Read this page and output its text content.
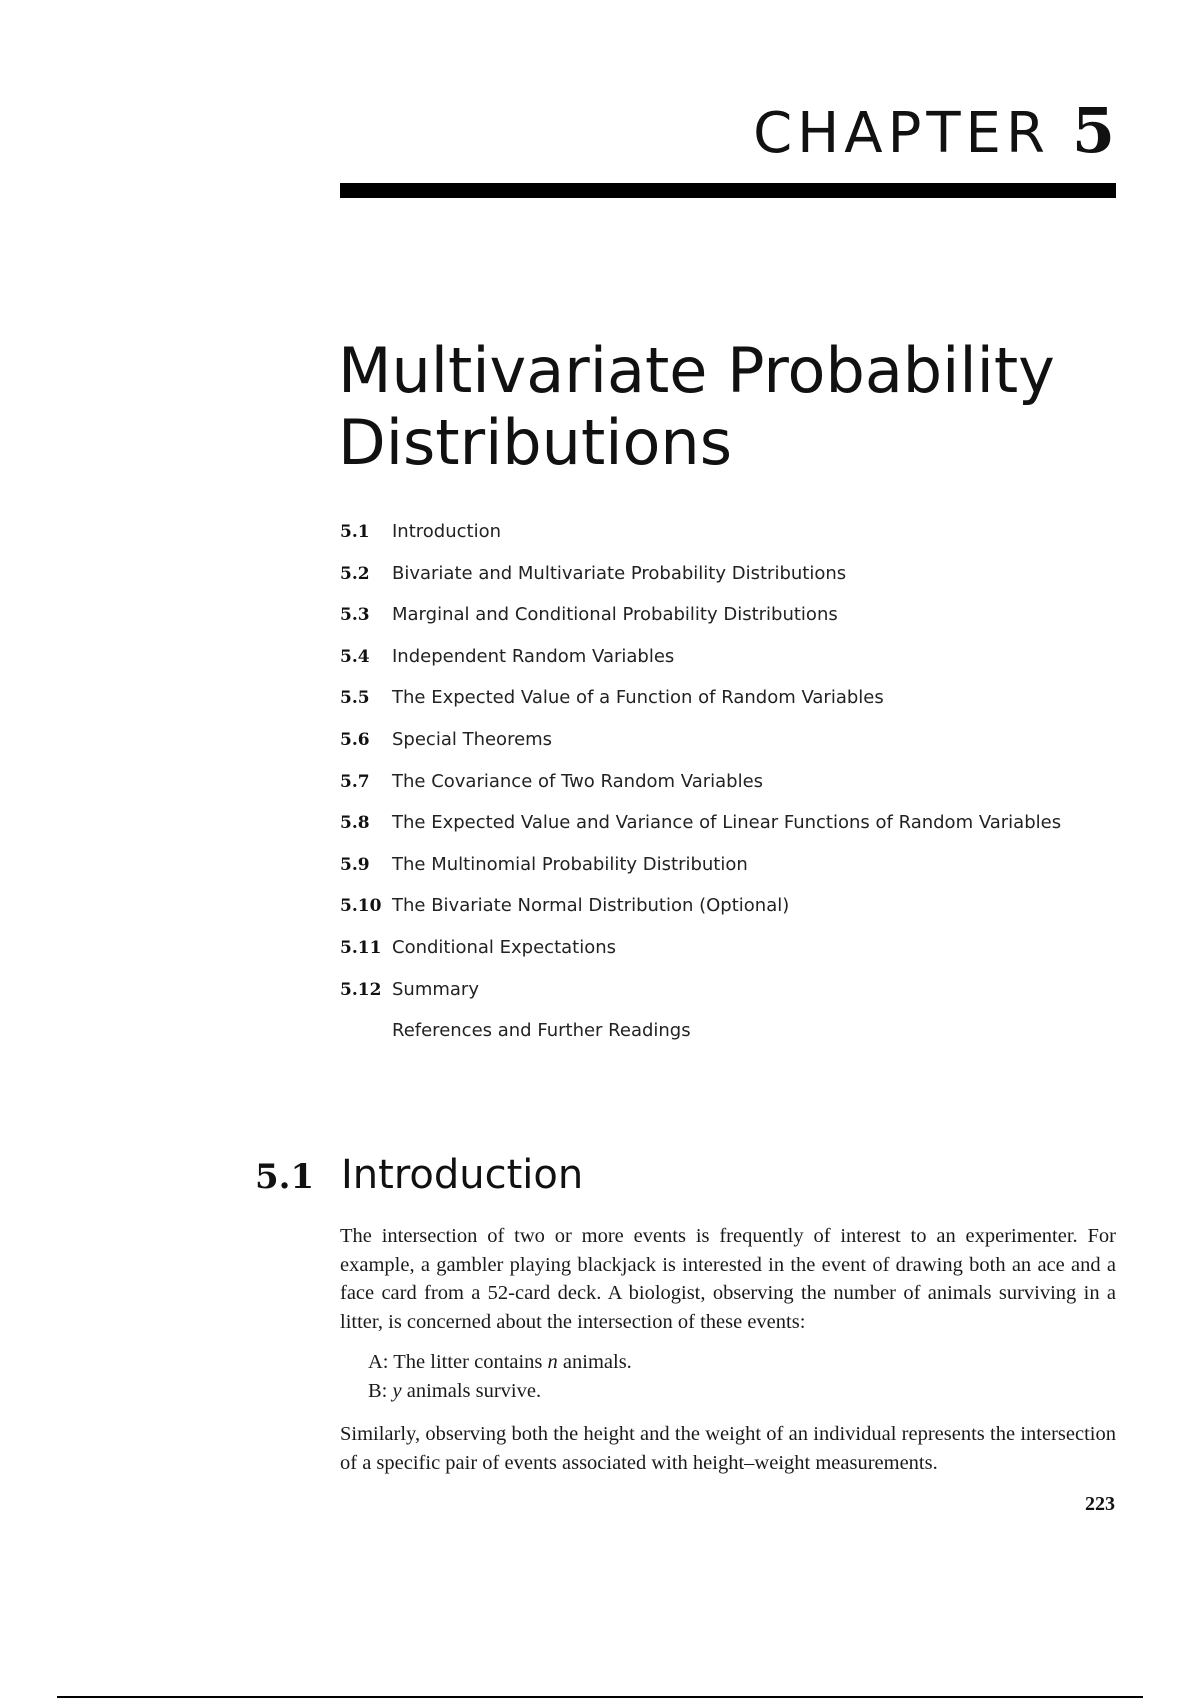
CHAPTER 5
Multivariate Probability Distributions
5.1	Introduction
5.2	Bivariate and Multivariate Probability Distributions
5.3	Marginal and Conditional Probability Distributions
5.4	Independent Random Variables
5.5	The Expected Value of a Function of Random Variables
5.6	Special Theorems
5.7	The Covariance of Two Random Variables
5.8	The Expected Value and Variance of Linear Functions of Random Variables
5.9	The Multinomial Probability Distribution
5.10 The Bivariate Normal Distribution (Optional)
5.11 Conditional Expectations
5.12 Summary
References and Further Readings
5.1 Introduction

The intersection of two or more events is frequently of interest to an experimenter. For example, a gambler playing blackjack is interested in the event of drawing both an ace and a face card from a 52-card deck. A biologist, observing the number of animals surviving in a litter, is concerned about the intersection of these events:

A: The litter contains n animals.
B: y animals survive.

Similarly, observing both the height and the weight of an individual represents the intersection of a specific pair of events associated with height–weight measurements.

223
